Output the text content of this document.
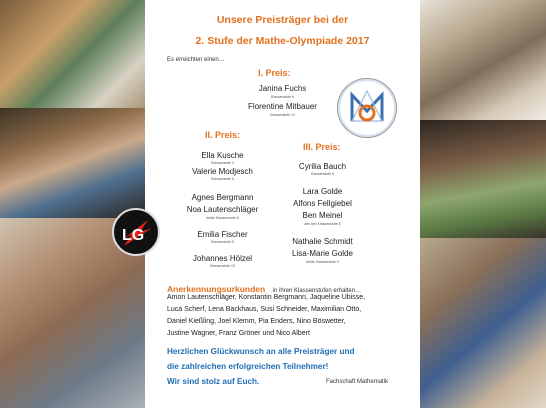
LG
Unsere Preisträger bei der
2. Stufe der Mathe-Olympiade 2017
Es erreichten einen…
I. Preis:
Janina Fuchs
Klassenstufe 6
Florentine Mitbauer
Klassenstufe 10
II. Preis:
Ella Kusche
Klassenstufe 3
Valerie Modjesch
Klassenstufe 6
Agnes Bergmann
Noa Lautenschläger
beide Klassenstufe 8
Emilia Fischer
Klassenstufe 9
Johannes Hölzel
Klassenstufe 10
III. Preis:
Cyrilia Bauch
Klassenstufe 5
Lara Golde
Alfons Fellgiebel
Ben Meinel
alle drei Klassenstufe 8
Nathalie Schmidt
Lisa-Marie Golde
beide Klassenstufe 9
Anerkennungsurkunden in ihren Klassenstufen erhalten…
Amon Lautenschläger, Konstantin Bergmann, Jaqueline Ubisse,
Luca Scherf, Lena Backhaus, Susi Schneider, Maximilian Otto,
Daniel Kießling, Joel Klemm, Pia Enders, Nino Böswetter,
Justine Wagner, Franz Gröner und Nico Albert
Herzlichen Glückwunsch an alle Preisträger und
die zahlreichen erfolgreichen Teilnehmer!
Wir sind stolz auf Euch.	Fachschaft Mathematik
